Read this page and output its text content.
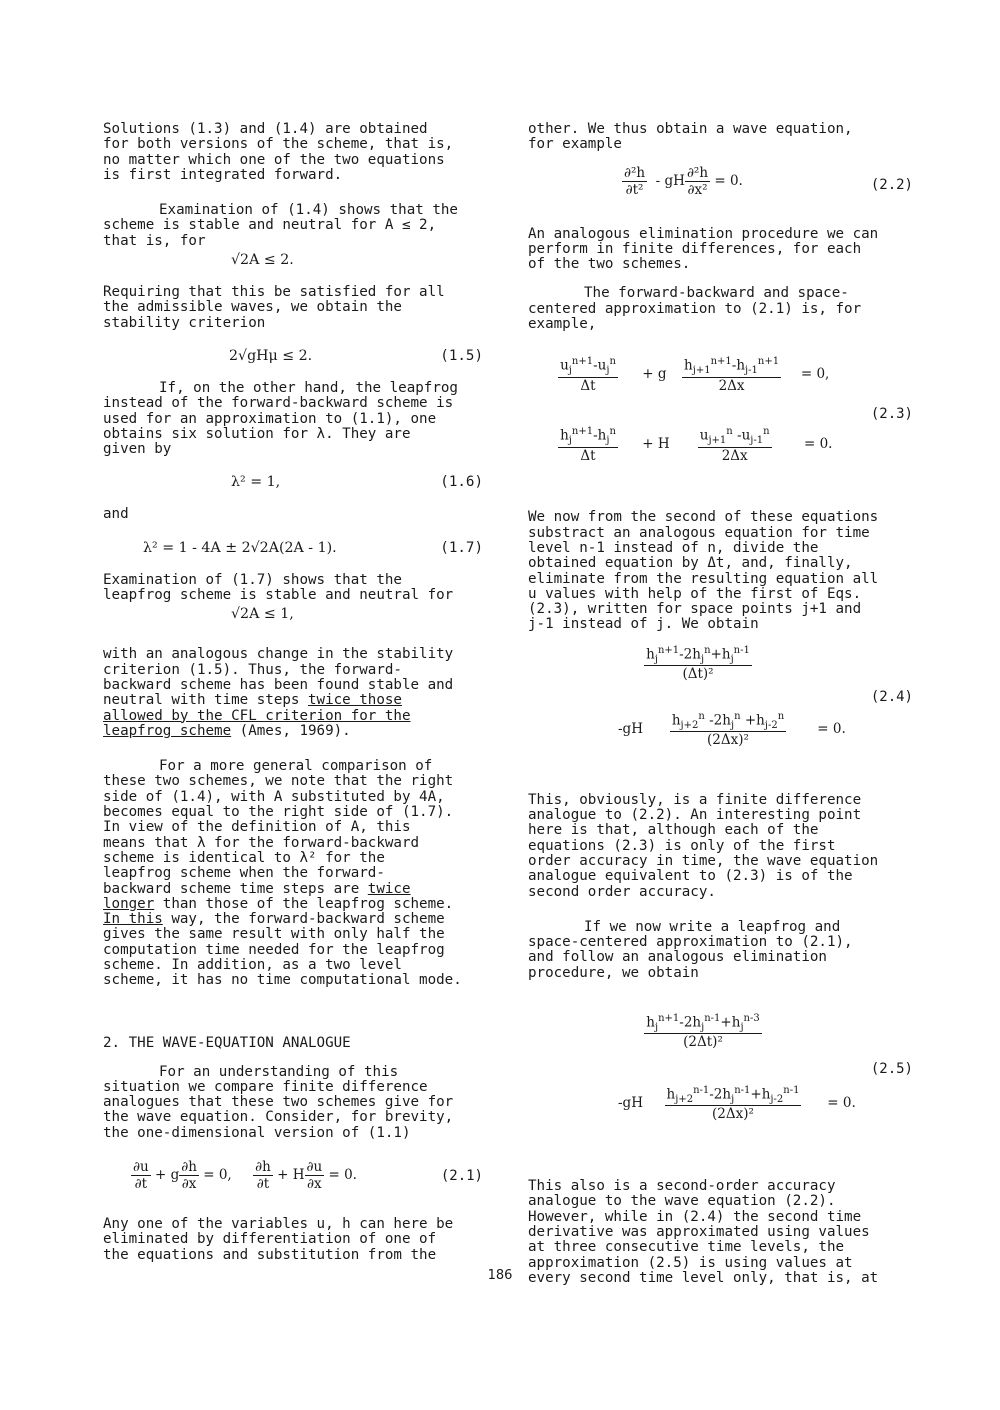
Solutions (1.3) and (1.4) are obtained
for both versions of the scheme, that is,
no matter which one of the two equations
is first integrated forward.

Examination of (1.4) shows that the
scheme is stable and neutral for A ≤ 2,
that is, for

√2A ≤ 2.

Requiring that this be satisfied for all
the admissible waves, we obtain the
stability criterion

2√gHμ ≤ 2.	(1.5)

If, on the other hand, the leapfrog
instead of the forward-backward scheme is
used for an approximation to (1.1), one
obtains six solution for λ. They are
given by

λ² = 1,	(1.6)

and

λ² = 1 - 4A ± 2√2A(2A - 1).	(1.7)

Examination of (1.7) shows that the
leapfrog scheme is stable and neutral for

√2A ≤ 1,

with an analogous change in the stability
criterion (1.5). Thus, the forward-
backward scheme has been found stable and
neutral with time steps twice those
allowed by the CFL criterion for the
leapfrog scheme (Ames, 1969).

For a more general comparison of
these two schemes, we note that the right
side of (1.4), with A substituted by 4A,
becomes equal to the right side of (1.7).
In view of the definition of A, this
means that λ for the forward-backward
scheme is identical to λ² for the
leapfrog scheme when the forward-
backward scheme time steps are twice
longer than those of the leapfrog scheme.
In this way, the forward-backward scheme
gives the same result with only half the
computation time needed for the leapfrog
scheme. In addition, as a two level
scheme, it has no time computational mode.

2. THE WAVE-EQUATION ANALOGUE

For an understanding of this
situation we compare finite difference
analogues that these two schemes give for
the wave equation. Consider, for brevity,
the one-dimensional version of (1.1)

$\frac{\partial u}{\partial t} + g \frac{\partial h}{\partial x} = 0$, $\frac{\partial h}{\partial t} + H \frac{\partial u}{\partial x} = 0$.	(2.1)

Any one of the variables u, h can here be
eliminated by differentiation of one of
the equations and substitution from the

other. We thus obtain a wave equation,
for example

$\frac{\text{∂²h}}{\text{∂t²}}$ - gH $\frac{\text{∂²h}}{\text{∂x²}} = 0$.	(2.2)

An analogous elimination procedure we can
perform in finite differences, for each
of the two schemes.

The forward-backward and space-
centered approximation to (2.1) is, for
example,

$\frac{u_j^{n+1}-u_j^n}{\Delta t} + g \frac{h_{j+1}^{n+1}-h_{j-1}^{n+1}}{2\Delta x} = 0$,
$\frac{h_j^{n+1}-h_j^n}{\Delta t} + H \frac{u_{j+1}^n -u_{j-1}^n}{2\Delta x} = 0$.
(2.3)

We now from the second of these equations
substract an analogous equation for time
level n-1 instead of n, divide the
obtained equation by Δt, and, finally,
eliminate from the resulting equation all
u values with help of the first of Eqs.
(2.3), written for space points j+1 and
j-1 instead of j. We obtain

$\frac{h_j^{n+1}-2h_j^n+h_j^{n-1}}{\text{(Δt)²}}$
$-gH \frac{h_{j+2}^n -2h_j^n +h_{j-2}^n}{\text{(2Δx)²}} = 0$.
(2.4)

This, obviously, is a finite difference
analogue to (2.2). An interesting point
here is that, although each of the
equations (2.3) is only of the first
order accuracy in time, the wave equation
analogue equivalent to (2.3) is of the
second order accuracy.

If we now write a leapfrog and
space-centered approximation to (2.1),
and follow an analogous elimination
procedure, we obtain

$\frac{h_j^{n+1}-2h_j^{n-1}+h_j^{n-3}}{\text{(2Δt)²}}$
$-gH \frac{h_{j+2}^{n-1}-2h_j^{n-1}+h_{j-2}^{n-1}}{\text{(2Δx)²}} = 0$.
(2.5)

This also is a second-order accuracy
analogue to the wave equation (2.2).
However, while in (2.4) the second time
derivative was approximated using values
at three consecutive time levels, the
approximation (2.5) is using values at
every second time level only, that is, at

186
